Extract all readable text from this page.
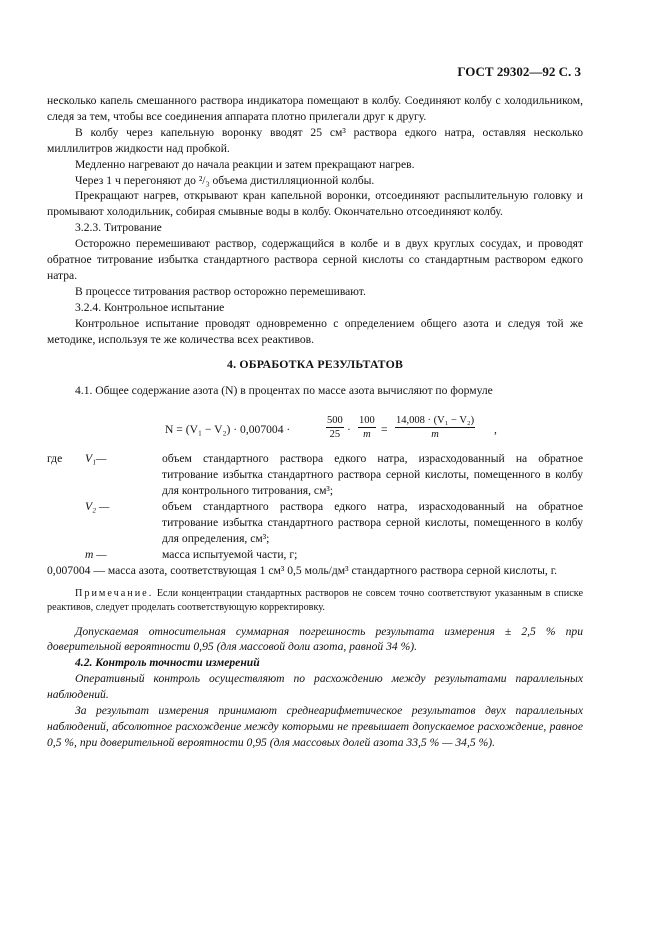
ГОСТ 29302—92 С. 3

несколько капель смешанного раствора индикатора помещают в колбу. Соединяют колбу с холодильником, следя за тем, чтобы все соединения аппарата плотно прилегали друг к другу.

В колбу через капельную воронку вводят 25 см³ раствора едкого натра, оставляя несколько миллилитров жидкости над пробкой.

Медленно нагревают до начала реакции и затем прекращают нагрев.

Через 1 ч перегоняют до ²/₃ объема дистилляционной колбы.

Прекращают нагрев, открывают кран капельной воронки, отсоединяют распылительную головку и промывают холодильник, собирая смывные воды в колбу. Окончательно отсоединяют колбу.

3.2.3. Титрование

Осторожно перемешивают раствор, содержащийся в колбе и в двух круглых сосудах, и проводят обратное титрование избытка стандартного раствора серной кислоты со стандартным раствором едкого натра.

В процессе титрования раствор осторожно перемешивают.

3.2.4. Контрольное испытание

Контрольное испытание проводят одновременно с определением общего азота и следуя той же методике, используя те же количества всех реактивов.

4. ОБРАБОТКА РЕЗУЛЬТАТОВ

4.1. Общее содержание азота (N) в процентах по массе азота вычисляют по формуле

N = (V₁ − V₂) · 0,007004 ·	$\frac{500}{25} \cdot \frac{100}{m} = \frac{\text{14,008 · (V₁ − V₂)}}{m}$ ,
где V₁—	объем стандартного раствора едкого натра, израсходованный на обратное титрование избытка стандартного раствора серной кислоты, помещенного в колбу для контрольного титрования, см³;
V₂ —	объем стандартного раствора едкого натра, израсходованный на обратное титрование избытка стандартного раствора серной кислоты, помещенного в колбу для определения, см³;
m —	масса испытуемой части, г;

0,007004 — масса азота, соответствующая 1 см³ 0,5 моль/дм³ стандартного раствора серной кислоты, г.

Примечание. Если концентрации стандартных растворов не совсем точно соответствуют указанным в списке реактивов, следует проделать соответствующую корректировку.

Допускаемая относительная суммарная погрешность результата измерения ± 2,5 % при доверительной вероятности 0,95 (для массовой доли азота, равной 34 %).

4.2. Контроль точности измерений

Оперативный контроль осуществляют по расхождению между результатами параллельных наблюдений.

За результат измерения принимают среднеарифметическое результатов двух параллельных наблюдений, абсолютное расхождение между которыми не превышает допускаемое расхождение, равное 0,5 %, при доверительной вероятности 0,95 (для массовых долей азота 33,5 % — 34,5 %).
